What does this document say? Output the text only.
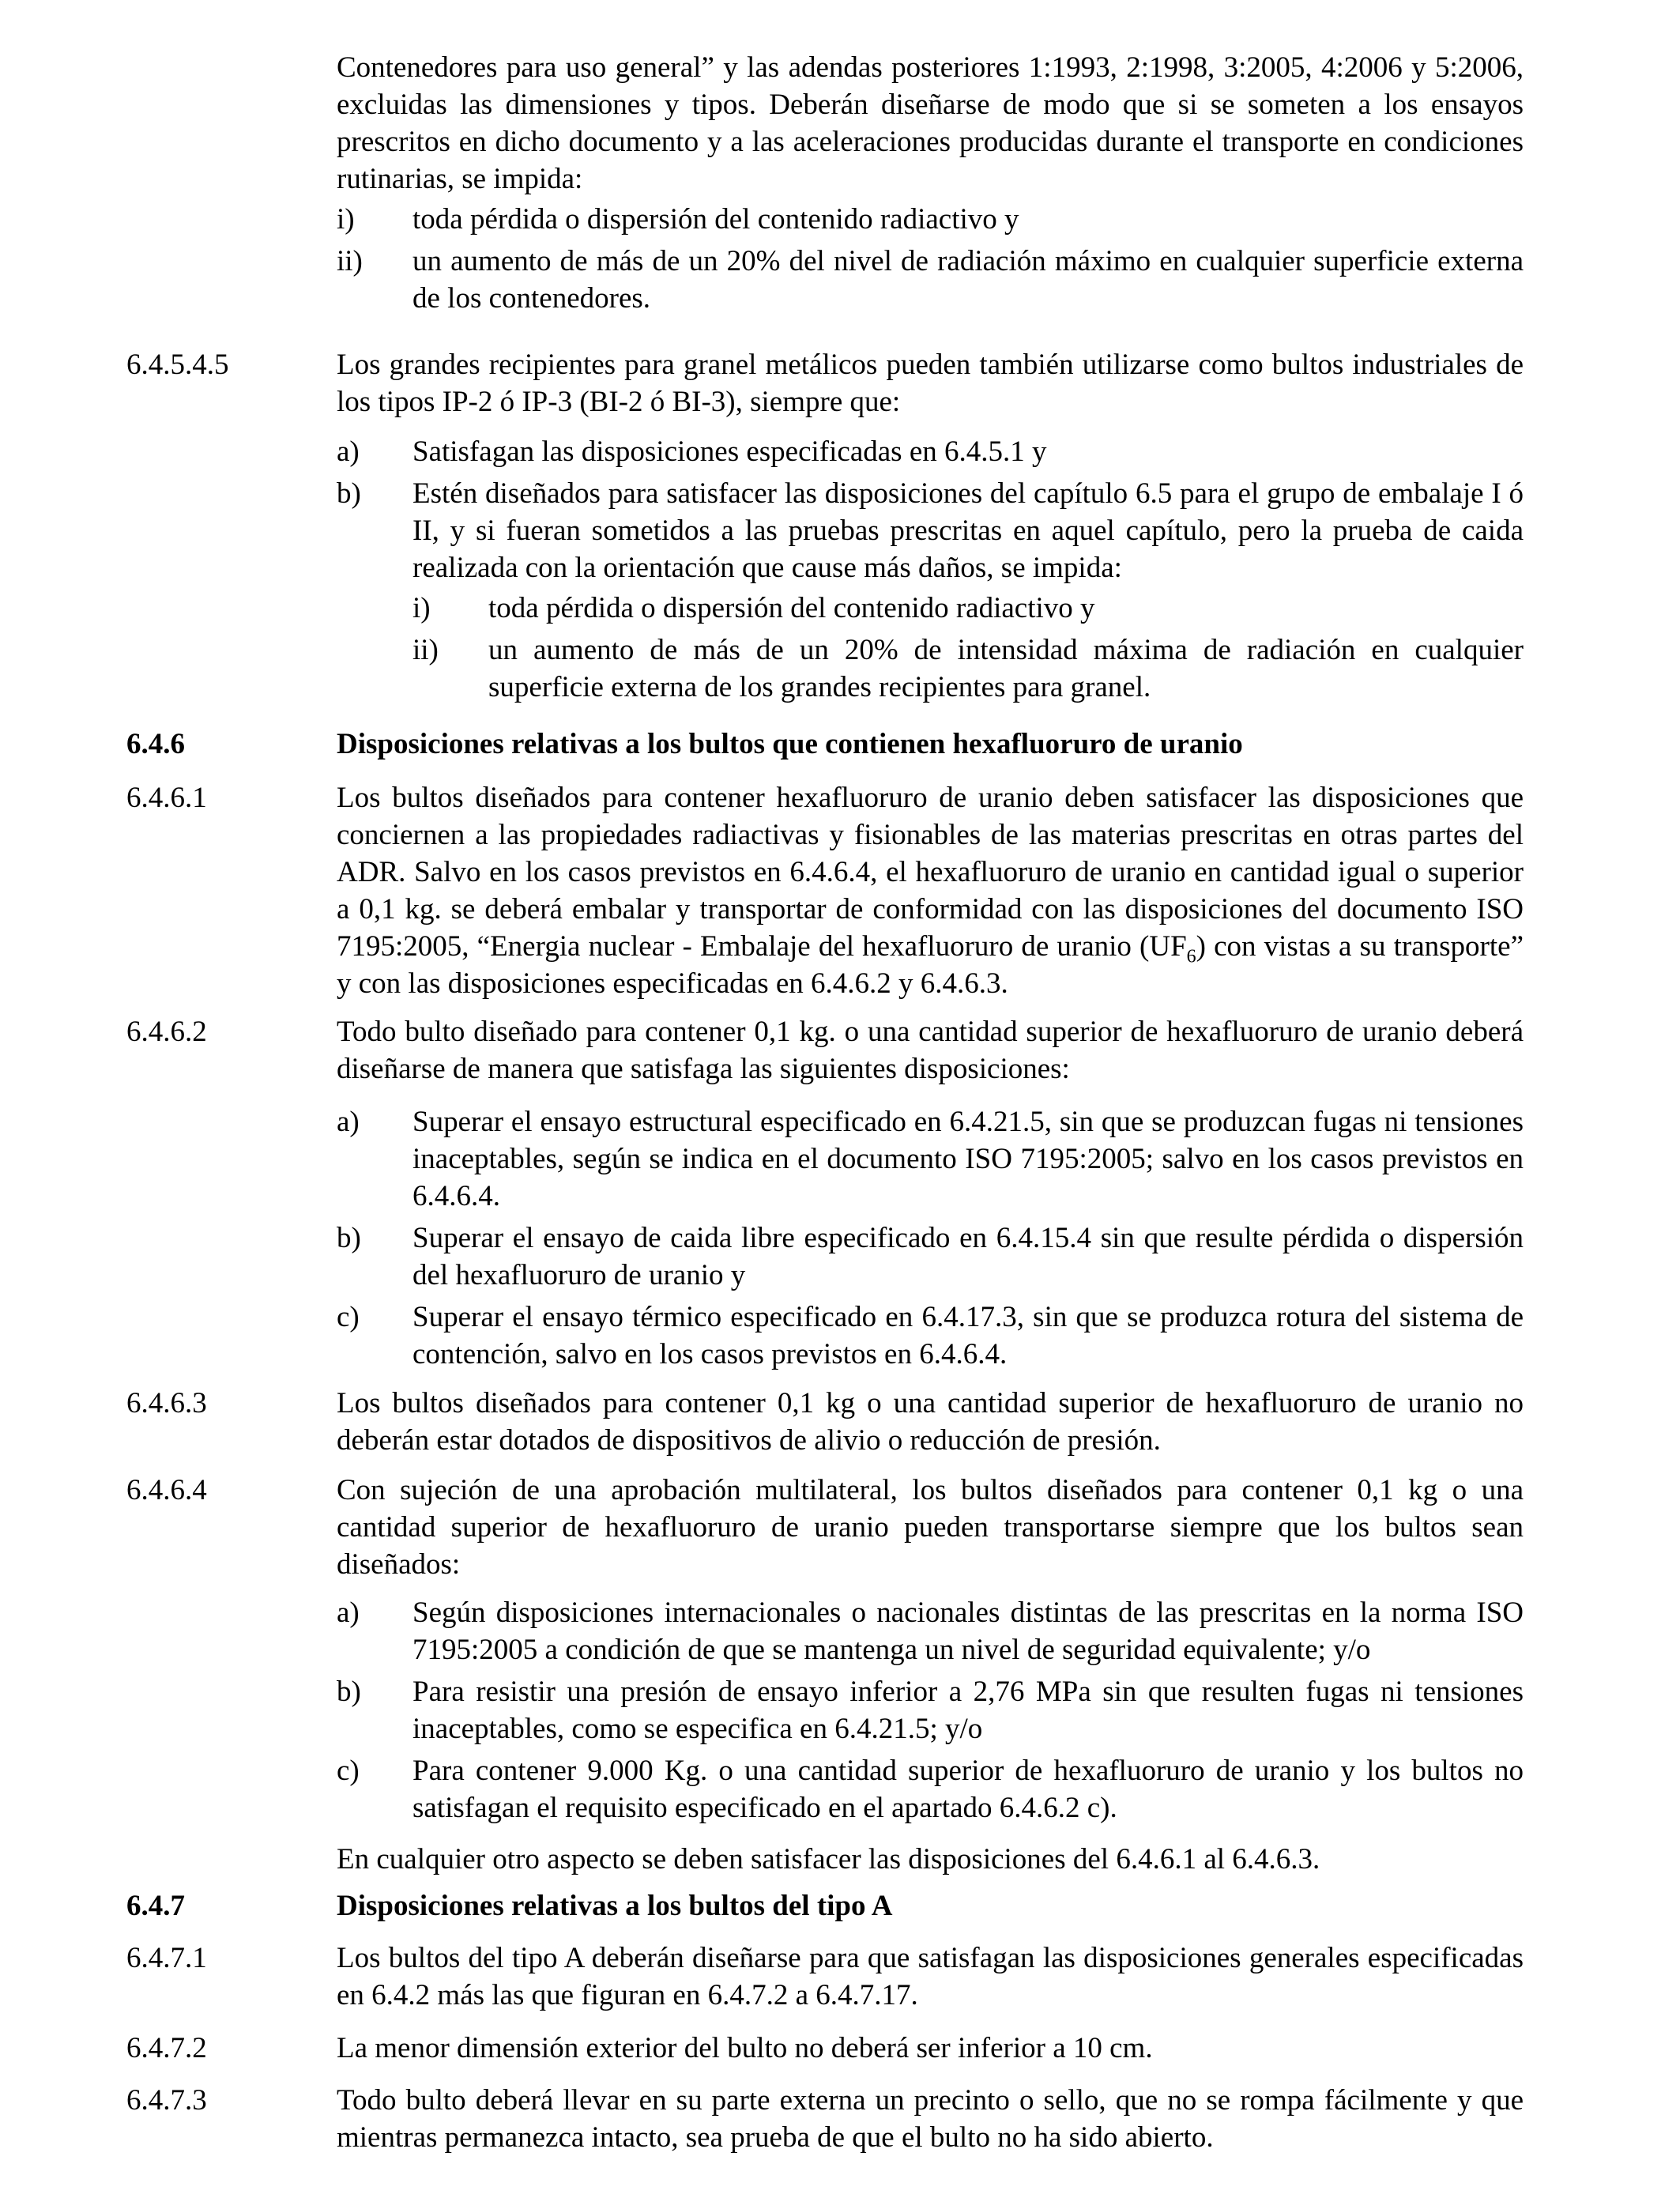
Contenedores para uso general” y las adendas posteriores 1:1993, 2:1998, 3:2005, 4:2006 y 5:2006, excluidas las dimensiones y tipos. Deberán diseñarse de modo que si se someten a los ensayos prescritos en dicho documento y a las aceleraciones producidas durante el transporte en condiciones rutinarias, se impida:
i) toda pérdida o dispersión del contenido radiactivo y
ii) un aumento de más de un 20% del nivel de radiación máximo en cualquier superficie externa de los contenedores.
6.4.5.4.5	Los grandes recipientes para granel metálicos pueden también utilizarse como bultos industriales de los tipos IP-2 ó IP-3 (BI-2 ó BI-3), siempre que:
a) Satisfagan las disposiciones especificadas en 6.4.5.1 y
b) Estén diseñados para satisfacer las disposiciones del capítulo 6.5 para el grupo de embalaje I ó II, y si fueran sometidos a las pruebas prescritas en aquel capítulo, pero la prueba de caida realizada con la orientación que cause más daños, se impida:
i) toda pérdida o dispersión del contenido radiactivo y
ii) un aumento de más de un 20% de intensidad máxima de radiación en cualquier superficie externa de los grandes recipientes para granel.
6.4.6	Disposiciones relativas a los bultos que contienen hexafluoruro de uranio
6.4.6.1	Los bultos diseñados para contener hexafluoruro de uranio deben satisfacer las disposiciones que conciernen a las propiedades radiactivas y fisionables de las materias prescritas en otras partes del ADR. Salvo en los casos previstos en 6.4.6.4, el hexafluoruro de uranio en cantidad igual o superior a 0,1 kg. se deberá embalar y transportar de conformidad con las disposiciones del documento ISO 7195:2005, “Energia nuclear - Embalaje del hexafluoruro de uranio $(UF_6)$ con vistas a su transporte” y con las disposiciones especificadas en 6.4.6.2 y 6.4.6.3.
6.4.6.2	Todo bulto diseñado para contener 0,1 kg. o una cantidad superior de hexafluoruro de uranio deberá diseñarse de manera que satisfaga las siguientes disposiciones:
a) Superar el ensayo estructural especificado en 6.4.21.5, sin que se produzcan fugas ni tensiones inaceptables, según se indica en el documento ISO 7195:2005; salvo en los casos previstos en 6.4.6.4.
b) Superar el ensayo de caida libre especificado en 6.4.15.4 sin que resulte pérdida o dispersión del hexafluoruro de uranio y
c) Superar el ensayo térmico especificado en 6.4.17.3, sin que se produzca rotura del sistema de contención, salvo en los casos previstos en 6.4.6.4.
6.4.6.3	Los bultos diseñados para contener 0,1 kg o una cantidad superior de hexafluoruro de uranio no deberán estar dotados de dispositivos de alivio o reducción de presión.
6.4.6.4	Con sujeción de una aprobación multilateral, los bultos diseñados para contener 0,1 kg o una cantidad superior de hexafluoruro de uranio pueden transportarse siempre que los bultos sean diseñados:
a) Según disposiciones internacionales o nacionales distintas de las prescritas en la norma ISO 7195:2005 a condición de que se mantenga un nivel de seguridad equivalente; y/o
b) Para resistir una presión de ensayo inferior a 2,76 MPa sin que resulten fugas ni tensiones inaceptables, como se especifica en 6.4.21.5; y/o
c) Para contener 9.000 Kg. o una cantidad superior de hexafluoruro de uranio y los bultos no satisfagan el requisito especificado en el apartado 6.4.6.2 c).
En cualquier otro aspecto se deben satisfacer las disposiciones del 6.4.6.1 al 6.4.6.3.
6.4.7	Disposiciones relativas a los bultos del tipo A
6.4.7.1	Los bultos del tipo A deberán diseñarse para que satisfagan las disposiciones generales especificadas en 6.4.2 más las que figuran en 6.4.7.2 a 6.4.7.17.
6.4.7.2	La menor dimensión exterior del bulto no deberá ser inferior a 10 cm.
6.4.7.3	Todo bulto deberá llevar en su parte externa un precinto o sello, que no se rompa fácilmente y que mientras permanezca intacto, sea prueba de que el bulto no ha sido abierto.
